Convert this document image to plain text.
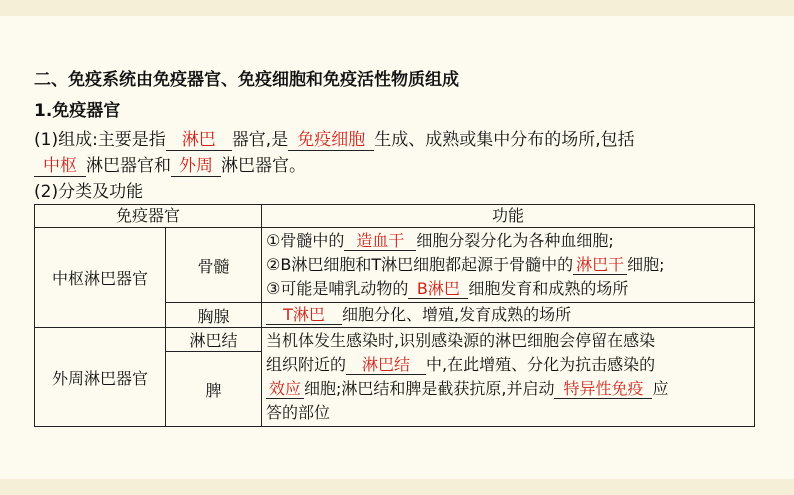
二、免疫系统由免疫器官、免疫细胞和免疫活性物质组成

1.免疫器官
(1)组成:主要是指 淋巴 器官,是 免疫细胞 生成、成熟或集中分布的场所,包括
中枢 淋巴器官和 外周 淋巴器官。
(2)分类及功能
免疫器官		功能
中枢淋巴器官	骨髓	①骨髓中的 造血干 细胞分裂分化为各种血细胞;
②B淋巴细胞和T淋巴细胞都起源于骨髓中的 淋巴干 细胞;
③可能是哺乳动物的 B淋巴 细胞发育和成熟的场所

	胸腺	T淋巴 细胞分化、增殖,发育成熟的场所

外周淋巴器官	淋巴结	当机体发生感染时,识别感染源的淋巴细胞会停留在感染
组织附近的 淋巴结 中,在此增殖、分化为抗击感染的
效应 细胞;淋巴结和脾是截获抗原,并启动 特异性免疫 应
答的部位

	脾	
